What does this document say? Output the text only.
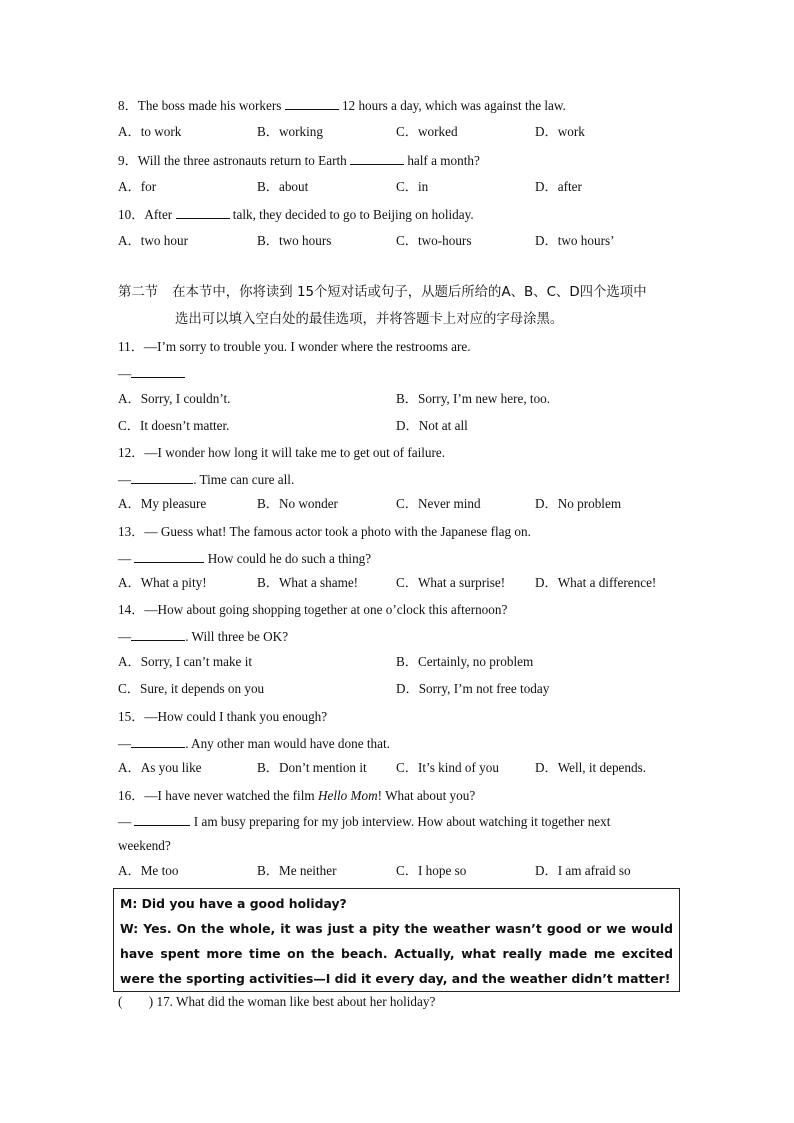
8．The boss made his workers	12 hours a day, which was against the law.
A．to work	B．working	C．worked	D．work
9．Will the three astronauts return to Earth	half a month?
A．for	B．about	C．in	D．after
10．After	talk, they decided to go to Beijing on holiday.
A．two hour	B．two hours	C．two-hours	D．two hours’
第二节 在本节中，你将读到 15个短对话或句子，从题后所给的A、B、C、D四个选项中
选出可以填入空白处的最佳选项，并将答题卡上对应的字母涂黑。
11．—I’m sorry to trouble you. I wonder where the restrooms are.
—
A．Sorry, I couldn’t.	B．Sorry, I’m new here, too.
C．It doesn’t matter.	D．Not at all
12．—I wonder how long it will take me to get out of failure.
—	. Time can cure all.
A．My pleasure	B．No wonder	C．Never mind	D．No problem
13．— Guess what! The famous actor took a photo with the Japanese flag on.
—	How could he do such a thing?
A．What a pity!	B．What a shame!	C．What a surprise! D．What a difference!
14．—How about going shopping together at one o’clock this afternoon?
—	. Will three be OK?
A．Sorry, I can’t make it	B．Certainly, no problem
C．Sure, it depends on you	D．Sorry, I’m not free today
15．—How could I thank you enough?
—	. Any other man would have done that.
A．As you like	B．Don’t mention it C．It’s kind of you	D．Well, it depends.
16．—I have never watched the film Hello Mom! What about you?
—	I am busy preparing for my job interview. How about watching it together next
weekend?
A．Me too	B．Me neither	C．I hope so	D．I am afraid so

M: Did you have a good holiday?

W: Yes. On the whole, it was just a pity the weather wasn’t good or we would have spent more time on the beach. Actually, what really made me excited were the sporting activities—I did it every day, and the weather didn’t matter!

(        ) 17. What did the woman like best about her holiday?
